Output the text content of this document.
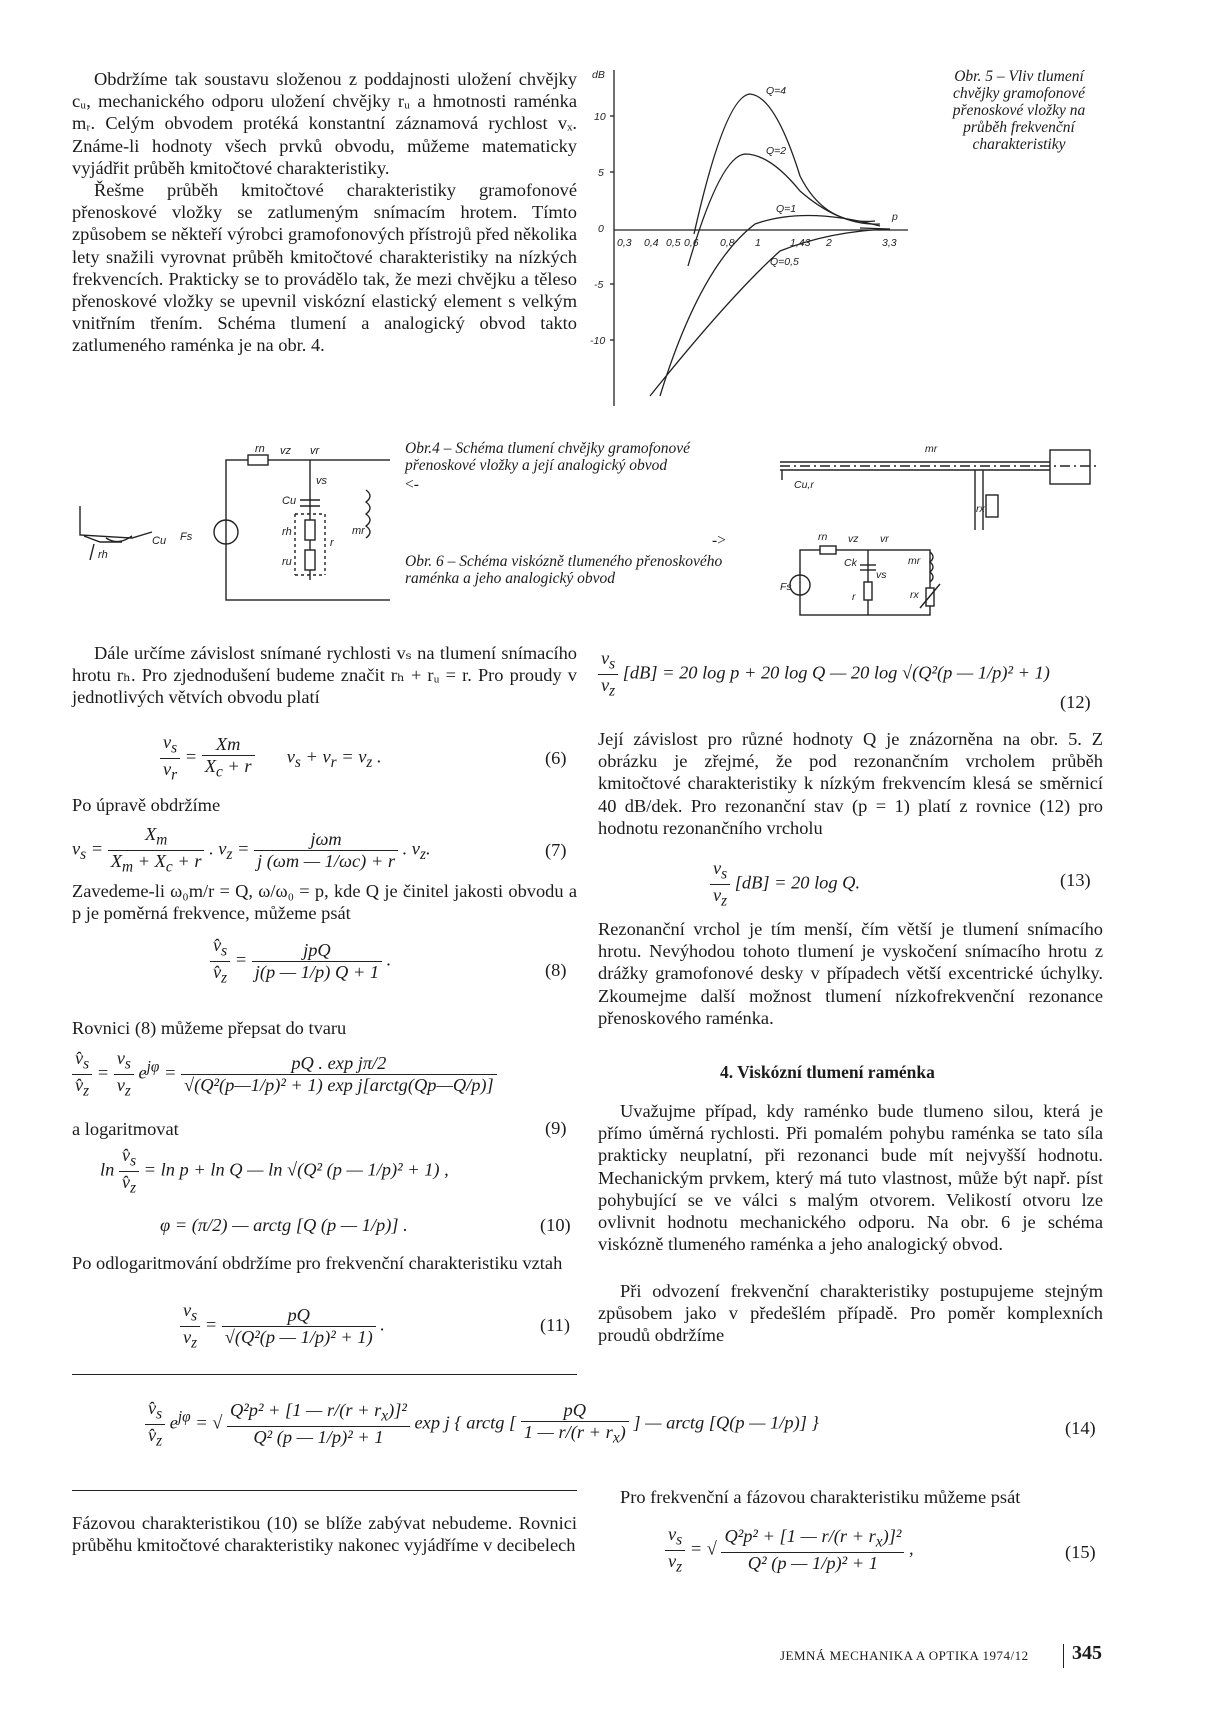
Obdržíme tak soustavu složenou z poddajnosti uložení chvějky cᵤ, mechanického odporu uložení chvějky rᵤ a hmotnosti raménka mᵣ. Celým obvodem protéká konstantní záznamová rychlost vₓ. Známe-li hodnoty všech prvků obvodu, můžeme matematicky vyjádřit průběh kmitočtové charakteristiky.

Řešme průběh kmitočtové charakteristiky gramofonové přenoskové vložky se zatlumeným snímacím hrotem. Tímto způsobem se někteří výrobci gramofonových přístrojů před několika lety snažili vyrovnat průběh kmitočtové charakteristiky na nízkých frekvencích. Prakticky se to provádělo tak, že mezi chvějku a těleso přenoskové vložky se upevnil viskózní elastický element s velkým vnitřním třením. Schéma tlumení a analogický obvod takto zatlumeného raménka je na obr. 4.

dB
10
5
0
-5
-10
0,3 0,4 0,5 0,6 0,8 1	1,43 2	3,3
Q=4
Q=2
Q=1
Q=0,5
p
Obr. 5 – Vliv tlumení chvějky gramofonové přenoskové vložky na průběh frekvenční charakteristiky
Cu
rh
Fs
rn vz vr
vs
Cu
rh
ru
mr
r
Obr.4 – Schéma tlumení chvějky gramofonové přenoskové vložky a její analogický obvod
<-
->
Obr. 6 – Schéma viskózně tlumeného přenoskového raménka a jeho analogický obvod
mr
Cu,r
rx
rn vz vr
Ck
vs
mr
r	rx
Fs
Dále určíme závislost snímané rychlosti vₛ na tlumení snímacího hrotu rₕ. Pro zjednodušení budeme značit rₕ + rᵤ = r. Pro proudy v jednotlivých větvích obvodu platí
$\frac{v_s}{v_r} = \frac{Xm}{X_c + r} v_s + v_r = v_z$ .	(6)
Po úpravě obdržíme
$v_s = \frac{X_m}{X_m + X_c + r}$ . $v_z = \frac{\text{jωm}}{j (\omega m — 1/\omega c) + r}$ . $v_z$.	(7)
Zavedeme-li ω₀m/r = Q, ω/ω₀ = p, kde Q je činitel jakosti obvodu a p je poměrná frekvence, můžeme psát
$\frac{v̂_s}{v̂_z} = \frac{\text{jpQ}}{j(p — 1/p) Q + 1}$ .
(8)
Rovnici (8) můžeme přepsat do tvaru
$\frac{v̂_s}{v̂_z} = \frac{v_s}{v_z} e^{j\varphi} = \frac{\text{pQ . exp jπ/2}}{\text{√(Q²(p—1/p)² + 1) exp j[arctg(Qp—Q/p)]}}$
a logaritmovat	(9)
$\ln \frac{v̂_s}{v̂_z} = \ln p + \ln Q$ — ln √(Q² (p — 1/p)² + 1) ,
φ = (π/2) — arctg [Q (p — 1/p)] .	(10)
Po odlogaritmování obdržíme pro frekvenční charakteristiku vztah
$\frac{v_s}{v_z} = \frac{pQ}{\text{√(Q²(p — 1/p)² + 1)}}$ .	(11)
$\frac{v_s}{v_z} [dB] = 20$ log p + 20 log Q — 20 log √(Q²(p — 1/p)² + 1)
(12)
Její závislost pro různé hodnoty Q je znázorněna na obr. 5. Z obrázku je zřejmé, že pod rezonančním vrcholem průběh kmitočtové charakteristiky k nízkým frekvencím klesá se směrnicí 40 dB/dek. Pro rezonanční stav (p = 1) platí z rovnice (12) pro hodnotu rezonančního vrcholu
$\frac{v_s}{v_z} [dB] = 20$ log Q.	(13)
Rezonanční vrchol je tím menší, čím větší je tlumení snímacího hrotu. Nevýhodou tohoto tlumení je vyskočení snímacího hrotu z drážky gramofonové desky v případech větší excentrické úchylky. Zkoumejme další možnost tlumení nízkofrekvenční rezonance přenoskového raménka.
4. Viskózní tlumení raménka
Uvažujme případ, kdy raménko bude tlumeno silou, která je přímo úměrná rychlosti. Při pomalém pohybu raménka se tato síla prakticky neuplatní, při rezonanci bude mít nejvyšší hodnotu. Mechanickým prvkem, který má tuto vlastnost, může být např. píst pohybující se ve válci s malým otvorem. Velikostí otvoru lze ovlivnit hodnotu mechanického odporu. Na obr. 6 je schéma viskózně tlumeného raménka a jeho analogický obvod.
Při odvození frekvenční charakteristiky postupujeme stejným způsobem jako v předešlém případě. Pro poměr komplexních proudů obdržíme
$\frac{v̂_s}{v̂_z} e^{j\varphi}$ = √ $\frac{Q^2p^2 + [1 — r/(r + r_x)]^2}{\text{Q² (p — 1/p)² + 1}}$ exp j { arctg [ $\frac{pQ}{1 — r/(r + r_x)}$ ] — arctg [Q(p — 1/p)] }	(14)
Fázovou charakteristikou (10) se blíže zabývat nebudeme. Rovnici průběhu kmitočtové charakteristiky nakonec vyjádříme v decibelech
Pro frekvenční a fázovou charakteristiku můžeme psát
$\frac{v_s}{v_z}$ = √ $\frac{Q^2p^2 + [1 — r/(r + r_x)]^2}{\text{Q² (p — 1/p)² + 1}}$ ,	(15)
JEMNÁ MECHANIKA A OPTIKA 1974/12 345
